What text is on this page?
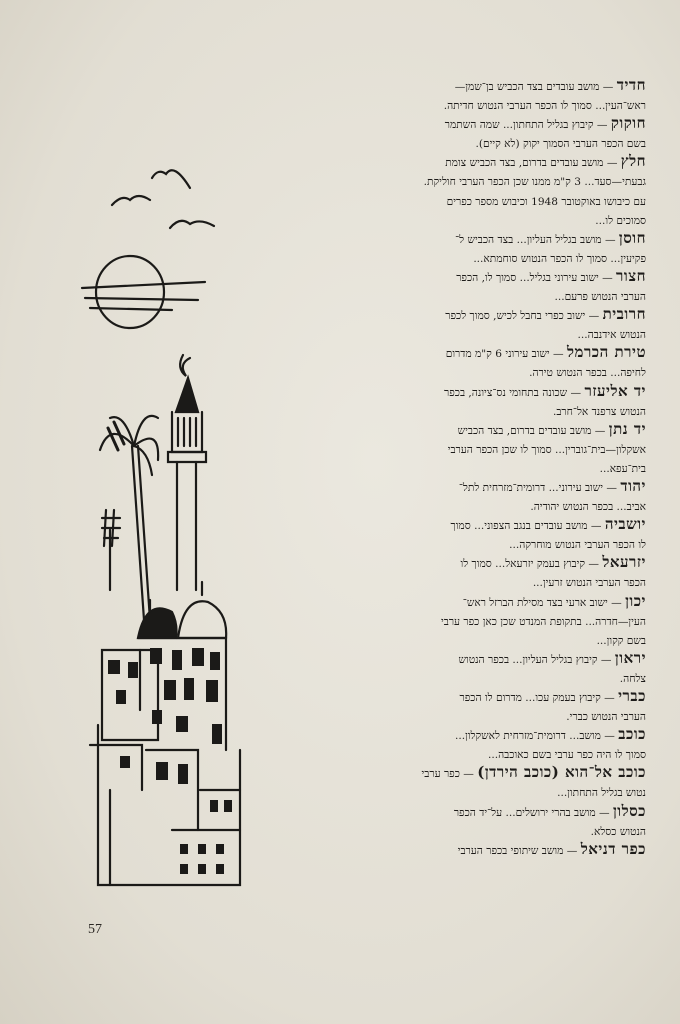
חדיד — מושב עובדים בצד הכביש בן־שמן—
ראש־העין... סמוך לו הכפר הערבי הנטוש חדיתה.
חוקוק — קיבוץ בגליל התחתון... שמה השתמר
בשם הכפר הערבי הסמוך יקוק (לא קיים).
חלץ — מושב עובדים בדרום, בצד הכביש צומת
גבעתי—סעד... 3 ק"מ ממנו שכן הכפר הערבי חוליקת.
עם כיבושו באוקטובר 1948 וכיבוש מספר כפרים
סמוכים לו...
חוסן — מושב בגליל העליון... בצד הכביש ל־
פקיעין... סמוך לו הכפר הנטוש סוחמתא...
חצור — ישוב עירוני בגליל... סמוך לו, הכפר
הערבי הנטוש פרעם...
חרובית — ישוב כפרי בחבל לכיש, סמוך לכפר
הנטוש אידנבה...
טירת הכרמל — ישוב עירוני 6 ק"מ מדרום
לחיפה... בכפר הנטוש טירה.
יד אליעזר — שכונה בתחומי נס־ציונה, בכפר
הנטוש צרפנד אל־חרב.
יד נתן — מושב עובדים בדרום, בצד הכביש
אשקלון—בית־גוברין... סמוך לו שכן הכפר הערבי
בית־עפא...
יהוד — ישוב עירוני... דרומית־מזרחית לתל־
אביב... בכפר הנטוש יהודיה.
יושביה — מושב עובדים בנגב הצפוני... סמוך
לו הכפר הערבי הנטוש מוחרקה...
יזרעאל — קיבוץ בעמק יזרעאל... סמוך לו
הכפר הערבי הנטוש זרעין...
יכון — ישוב ארעי בצד מסילת הברזל ראש־
העין—חדרה... בתקופת המנדט שכן כאן כפר ערבי
בשם קקון...
יראון — קיבוץ בגליל העליון... בכפר הנטוש
צלחה.
כברי — קיבוץ בעמק עכו... מדרום לו הכפר
הערבי הנטוש כברי.
כוכב — מושב... דרומית־מזרחית לאשקלון...
סמוך לו היה כפר ערבי בשם כאוכבה...
כוכב אל־הוא (כוכב הירדן) — כפר ערבי
נטוש בגליל התחתון...
כסלון — מושב בהרי ירושלים... על־יד הכפר
הנטוש כסלא.
כפר דניאל — מושב שיתופי בכפר הערבי
57
